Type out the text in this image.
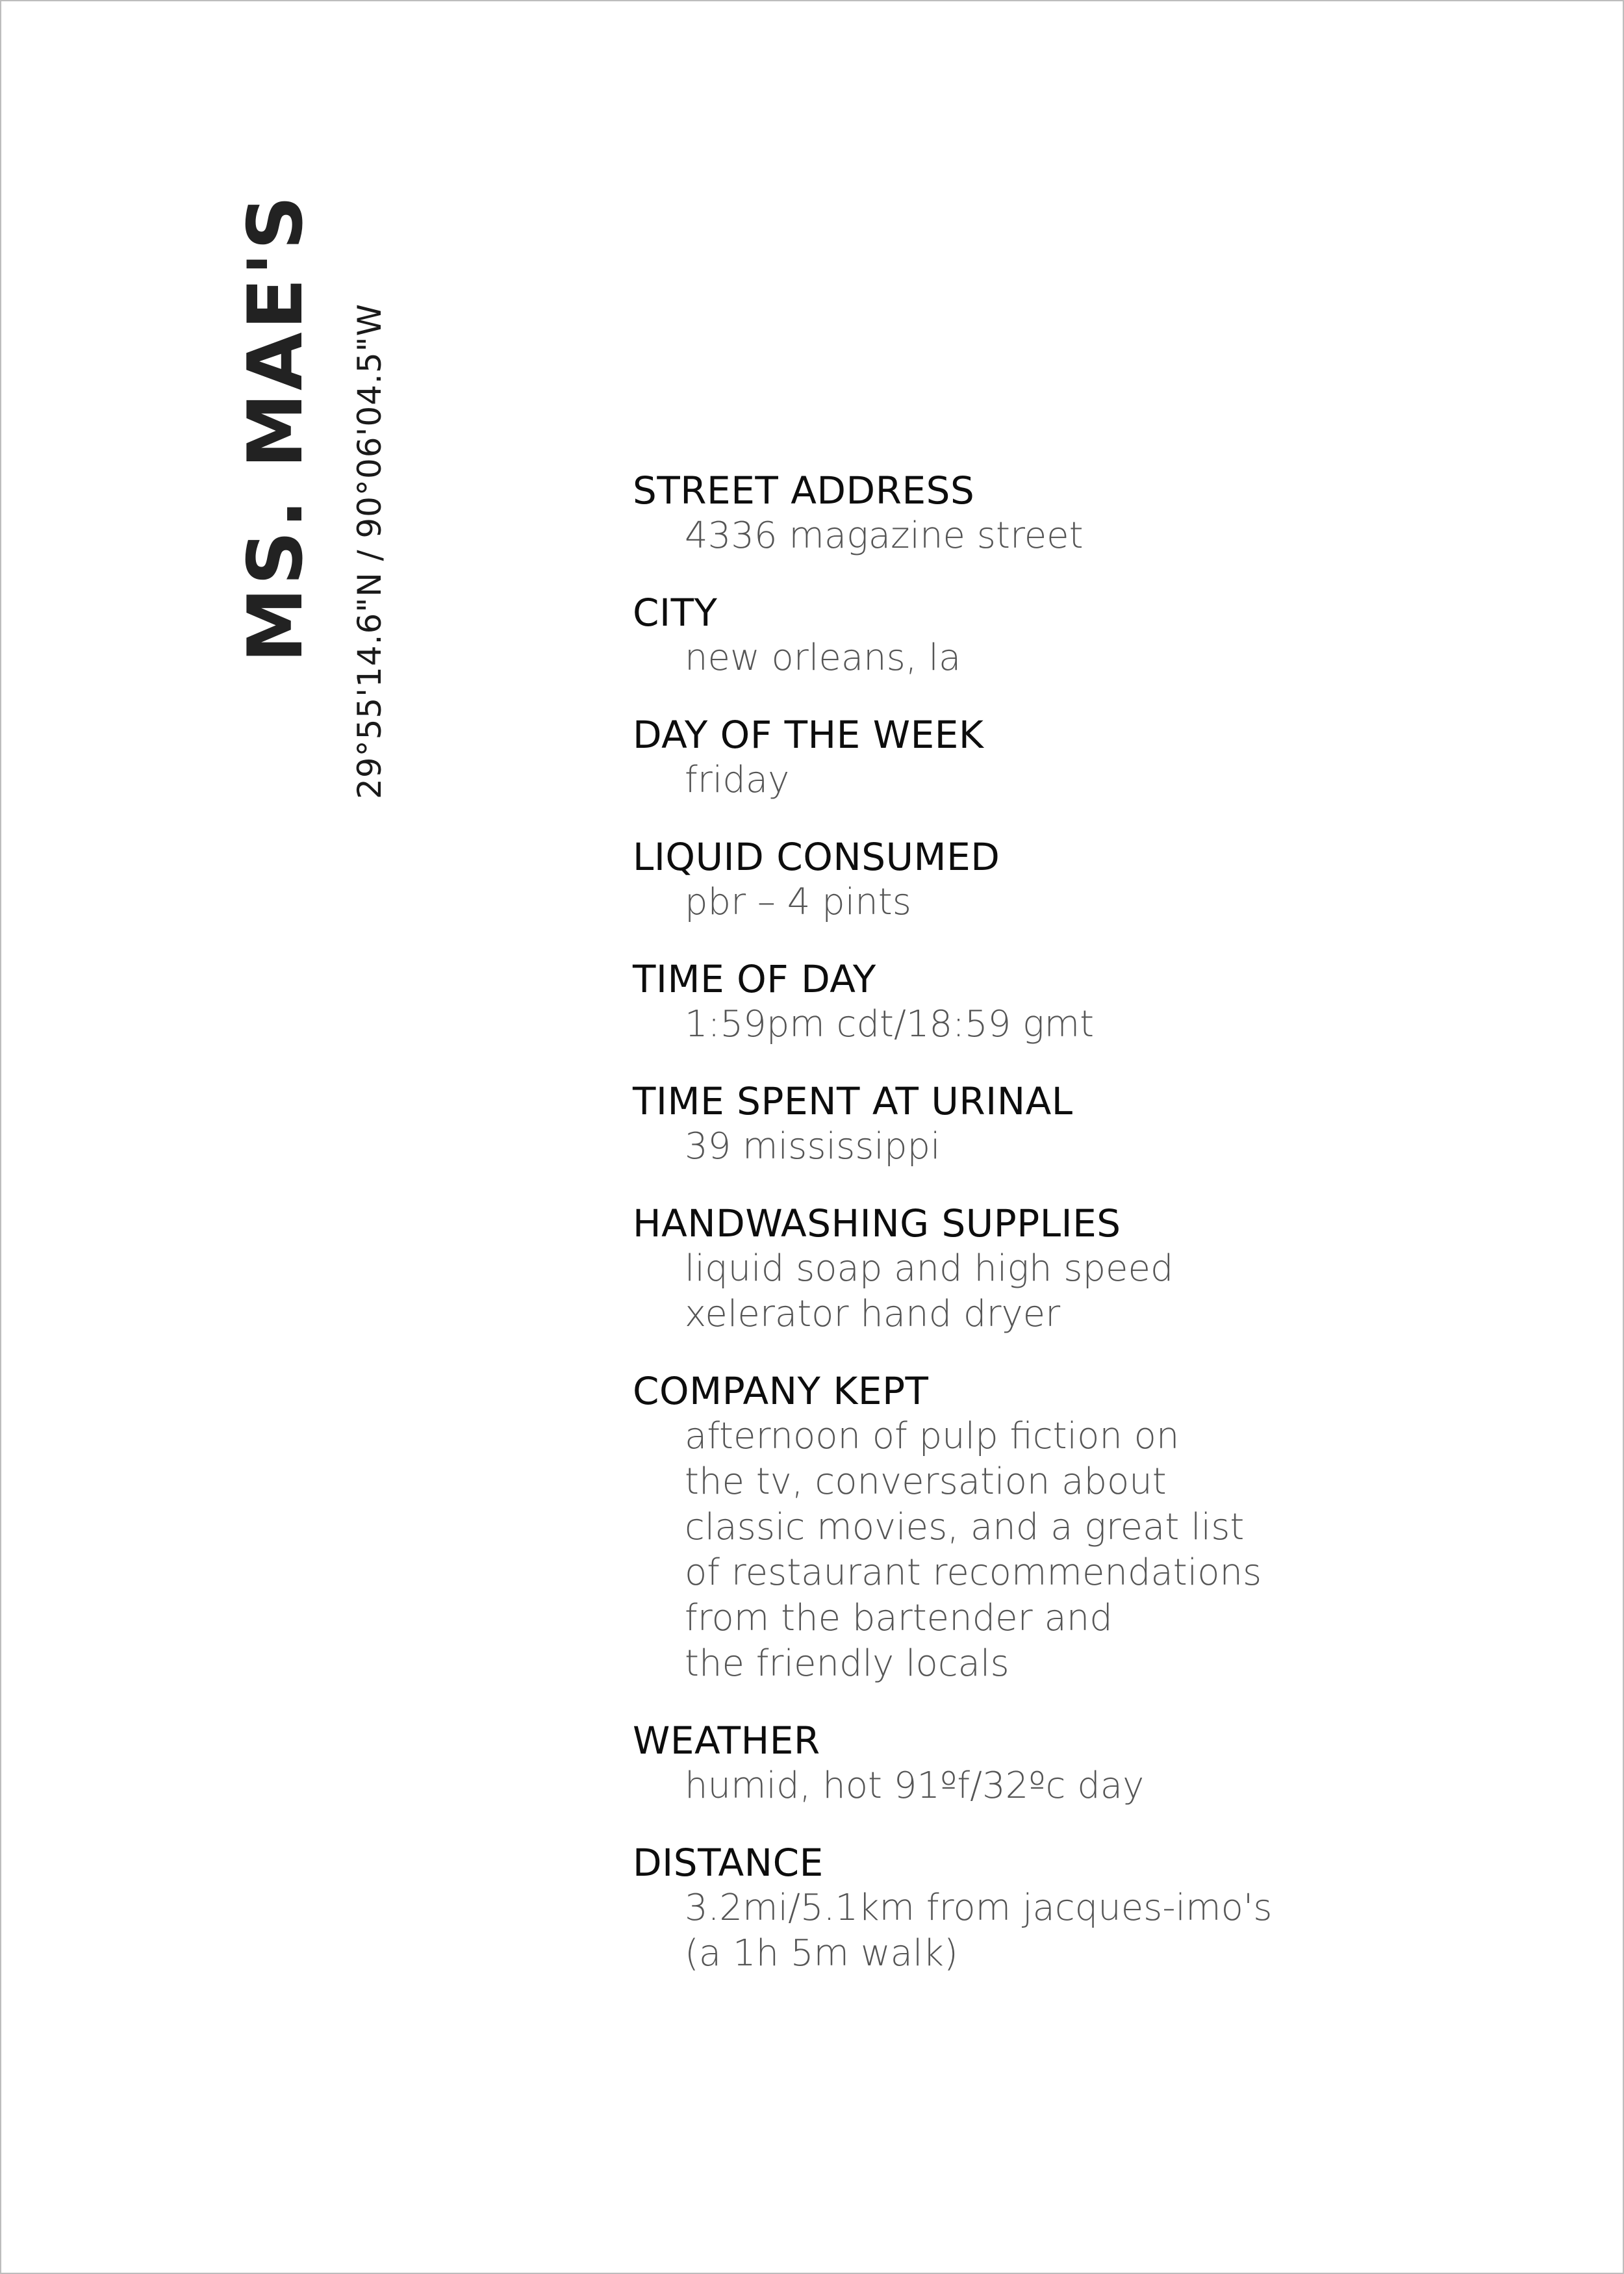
MS. MAE'S 29°55'14.6"N / 90°06'04.5"W	STREET ADDRESS
4336 magazine street
CITY
new orleans, la
DAY OF THE WEEK
friday
LIQUID CONSUMED
pbr – 4 pints
TIME OF DAY
1:59pm cdt/18:59 gmt
TIME SPENT AT URINAL
39 mississippi
HANDWASHING SUPPLIES
liquid soap and high speed
xelerator hand dryer
COMPANY KEPT
afternoon of pulp fiction on
the tv, conversation about
classic movies, and a great list
of restaurant recommendations
from the bartender and
the friendly locals
WEATHER
humid, hot 91ºf/32ºc day
DISTANCE
3.2mi/5.1km from jacques-imo's
(a 1h 5m walk)
